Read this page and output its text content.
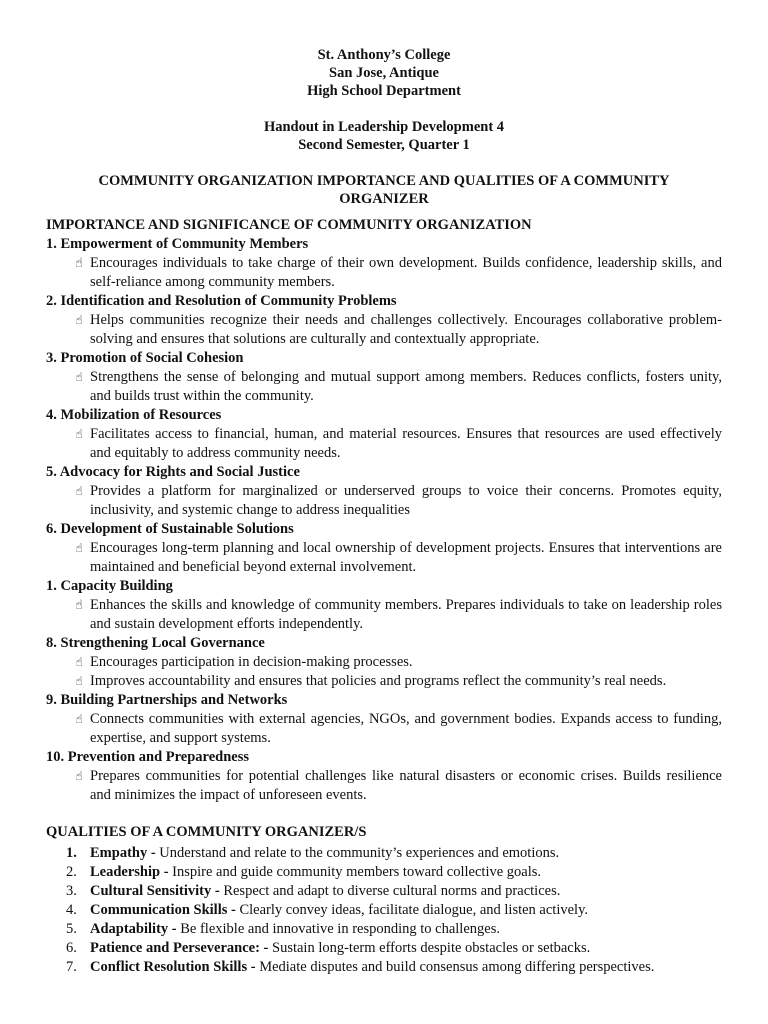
St. Anthony’s College
San Jose, Antique
High School Department
Handout in Leadership Development 4
Second Semester, Quarter 1
COMMUNITY ORGANIZATION IMPORTANCE AND QUALITIES OF A COMMUNITY
ORGANIZER
IMPORTANCE AND SIGNIFICANCE OF COMMUNITY ORGANIZATION
1. Empowerment of Community Members
☝ Encourages individuals to take charge of their own development. Builds confidence, leadership skills, and self-reliance among community members.
2. Identification and Resolution of Community Problems
☝ Helps communities recognize their needs and challenges collectively. Encourages collaborative problem-solving and ensures that solutions are culturally and contextually appropriate.
3. Promotion of Social Cohesion
☝ Strengthens the sense of belonging and mutual support among members. Reduces conflicts, fosters unity, and builds trust within the community.
4. Mobilization of Resources
☝ Facilitates access to financial, human, and material resources. Ensures that resources are used effectively and equitably to address community needs.
5. Advocacy for Rights and Social Justice
☝ Provides a platform for marginalized or underserved groups to voice their concerns. Promotes equity, inclusivity, and systemic change to address inequalities
6. Development of Sustainable Solutions
☝ Encourages long-term planning and local ownership of development projects. Ensures that interventions are maintained and beneficial beyond external involvement.
1. Capacity Building
☝ Enhances the skills and knowledge of community members. Prepares individuals to take on leadership roles and sustain development efforts independently.
8. Strengthening Local Governance
☝ Encourages participation in decision-making processes.
☝ Improves accountability and ensures that policies and programs reflect the community’s real needs.
9. Building Partnerships and Networks
☝ Connects communities with external agencies, NGOs, and government bodies. Expands access to funding, expertise, and support systems.
10. Prevention and Preparedness
☝ Prepares communities for potential challenges like natural disasters or economic crises. Builds resilience and minimizes the impact of unforeseen events.
QUALITIES OF A COMMUNITY ORGANIZER/S
1. Empathy - Understand and relate to the community’s experiences and emotions.
2. Leadership - Inspire and guide community members toward collective goals.
3. Cultural Sensitivity - Respect and adapt to diverse cultural norms and practices.
4. Communication Skills - Clearly convey ideas, facilitate dialogue, and listen actively.
5. Adaptability - Be flexible and innovative in responding to challenges.
6. Patience and Perseverance: - Sustain long-term efforts despite obstacles or setbacks.
7. Conflict Resolution Skills - Mediate disputes and build consensus among differing perspectives.
